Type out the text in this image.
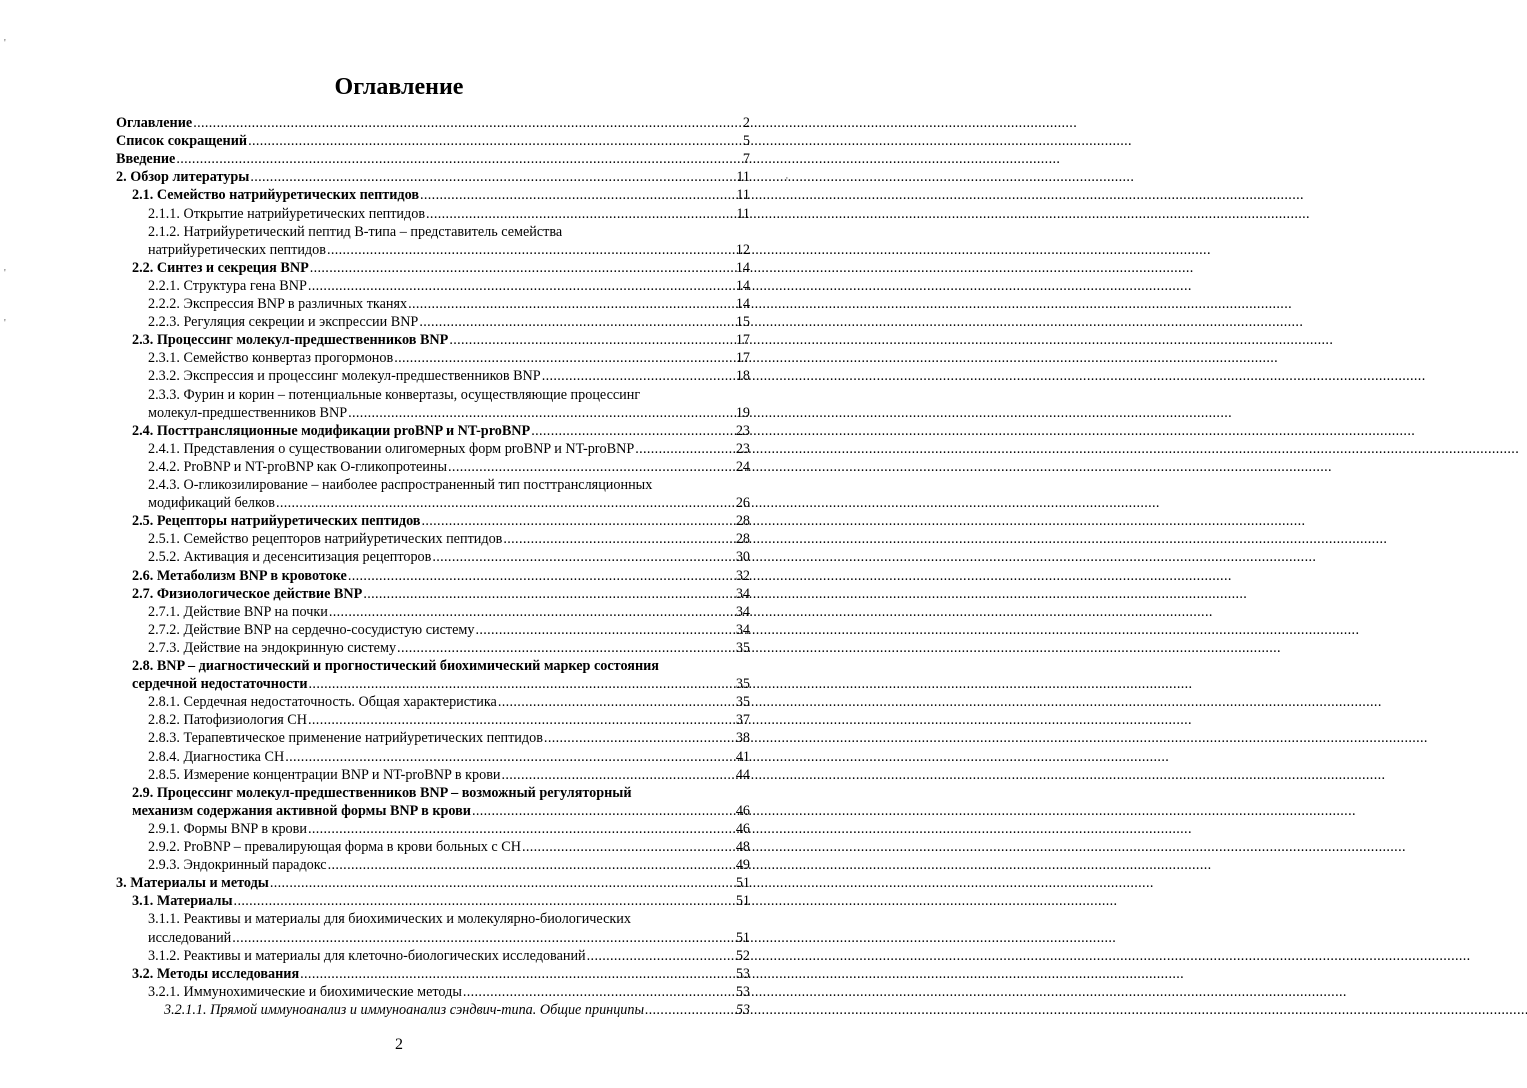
Оглавление
Оглавление . . .	2
Список сокращений . . .	5
Введение . . .	7
2. Обзор литературы . . .	11
2.1. Семейство натрийуретических пептидов . . .	11
2.1.1. Открытие натрийуретических пептидов . . .	11
2.1.2. Натрийуретический пептид В-типа – представитель семейства
натрийуретических пептидов . . .	12
2.2. Синтез и секреция BNP . . .	14
2.2.1. Структура гена BNP . . .	14
2.2.2. Экспрессия BNP в различных тканях . . .	14
2.2.3. Регуляция секреции и экспрессии BNP . . .	15
2.3. Процессинг молекул-предшественников BNP . . .	17
2.3.1. Семейство конвертаз прогормонов . . .	17
2.3.2. Экспрессия и процессинг молекул-предшественников BNP . . .	18
2.3.3. Фурин и корин – потенциальные конвертазы, осуществляющие процессинг
молекул-предшественников BNP . . .	19
2.4. Посттрансляционные модификации proBNP и NT-proBNP . . .	23
2.4.1. Представления о существовании олигомерных форм proBNP и NT-proBNP . . .	23
2.4.2. ProBNP и NT-proBNP как О-гликопротеины . . .	24
2.4.3. О-гликозилирование – наиболее распространенный тип посттрансляционных
модификаций белков . . .	26
2.5. Рецепторы натрийуретических пептидов . . .	28
2.5.1. Семейство рецепторов натрийуретических пептидов . . .	28
2.5.2. Активация и десенситизация рецепторов . . .	30
2.6. Метаболизм BNP в кровотоке . . .	32
2.7. Физиологическое действие BNP . . .	34
2.7.1. Действие BNP на почки . . .	34
2.7.2. Действие BNP на сердечно-сосудистую систему . . .	34
2.7.3. Действие на эндокринную систему . . .	35
2.8. BNP – диагностический и прогностический биохимический маркер состояния
сердечной недостаточности . . .	35
2.8.1. Сердечная недостаточность. Общая характеристика . . .	35
2.8.2. Патофизиология СН . . .	37
2.8.3. Терапевтическое применение натрийуретических пептидов . . .	38
2.8.4. Диагностика СН . . .	41
2.8.5. Измерение концентрации BNP и NT-proBNP в крови . . .	44
2.9. Процессинг молекул-предшественников BNP – возможный регуляторный
механизм содержания активной формы BNP в крови . . .	46
2.9.1. Формы BNP в крови . . .	46
2.9.2. ProBNP – превалирующая форма в крови больных с СН . . .	48
2.9.3. Эндокринный парадокс . . .	49
3. Материалы и методы . . .	51
3.1. Материалы . . .	51
3.1.1. Реактивы и материалы для биохимических и молекулярно-биологических
исследований . . .	51
3.1.2. Реактивы и материалы для клеточно-биологических исследований . . .	52
3.2. Методы исследования . . .	53
3.2.1. Иммунохимические и биохимические методы . . .	53
3.2.1.1. Прямой иммуноанализ и иммуноанализ сэндвич-типа. Общие принципы . . .	53
2
'
'
'
'
